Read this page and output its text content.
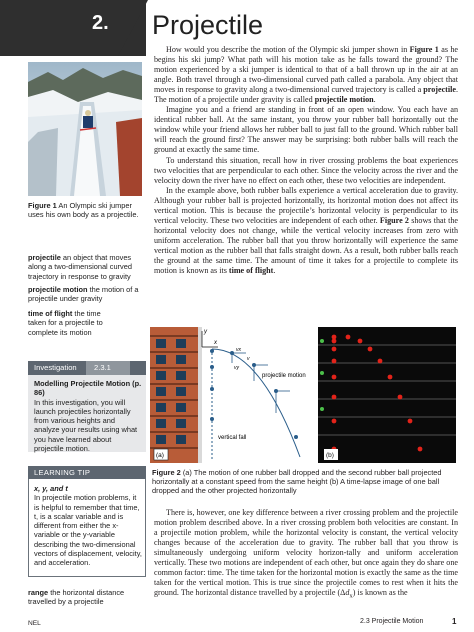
2. Projectile
Figure 1 An Olympic ski jumper uses his own body as a projectile.
projectile an object that moves along a two-dimensional curved trajectory in response to gravity
projectile motion the motion of a projectile under gravity
time of flight the time taken for a projectile to complete its motion
Investigation 2.3.1
Modelling Projectile Motion (p. 86)
In this investigation, you will launch projectiles horizontally from various heights and analyze your results using what you have learned about projectile motion.
LEARNING TIP
x, y, and t
In projectile motion problems, it is helpful to remember that time, t, is a scalar variable and is different from either the x-variable or the y-variable describing the two-dimensional vectors of displacement, velocity, and acceleration.
range the horizontal distance travelled by a projectile

How would you describe the motion of the Olympic ski jumper shown in Figure 1 as he begins his ski jump? What path will his motion take as he falls toward the ground? The motion experienced by a ski jumper is identical to that of a ball thrown up in the air at an angle. Both travel through a two-dimensional curved path called a parabola. Any object that moves in response to gravity along a two-dimensional curved trajectory is called a projectile. The motion of a projectile under gravity is called projectile motion.

Imagine you and a friend are standing in front of an open window. You each have an identical rubber ball. At the same instant, you throw your rubber ball horizontally out the window while your friend allows her rubber ball to just fall to the ground. Which rubber ball will reach the ground first? The answer may be surprising: both rubber balls will reach the ground at exactly the same time.

To understand this situation, recall how in river crossing problems the boat experiences two velocities that are perpendicular to each other. Since the velocity across the river and the velocity down the river have no effect on each other, these two velocities are independent.

In the example above, both rubber balls experience a vertical acceleration due to gravity. Although your rubber ball is projected horizontally, its horizontal motion does not affect its vertical motion. This is because the projectile’s horizontal velocity is perpendicular to its vertical velocity. These two velocities are independent of each other. Figure 2 shows that the horizontal velocity does not change, while the vertical velocity increases from zero with uniform acceleration. The rubber ball that you throw horizontally will experience the same vertical motion as the rubber ball that falls straight down. As a result, both rubber balls reach the ground at the same time. The amount of time it takes for a projectile to complete its motion is known as its time of flight.

y
x
vx
vy
v
projectile motion
vertical fall
(a)	(b)
Figure 2 (a) The motion of one rubber ball dropped and the second rubber ball projected horizontally at a constant speed from the same height (b) A time-lapse image of one ball dropped and the other projected horizontally

There is, however, one key difference between a river crossing problem and the projectile motion problem described above. In a river crossing problem both velocities are constant. In a projectile motion problem, while the horizontal velocity is constant, the vertical velocity changes because of the acceleration due to gravity. The rubber ball that you throw is simultaneously undergoing uniform velocity horizon-tally and uniform acceleration vertically. These two motions are independent of each other, but once again they do share one common factor: time. The time taken for the horizontal motion is exactly the same as the time taken for the vertical motion. This is true since the projectile comes to rest when it hits the ground. The horizontal distance travelled by a projectile $(\Delta d_x)$ is known as the

NEL	2.3 Projectile Motion	1
